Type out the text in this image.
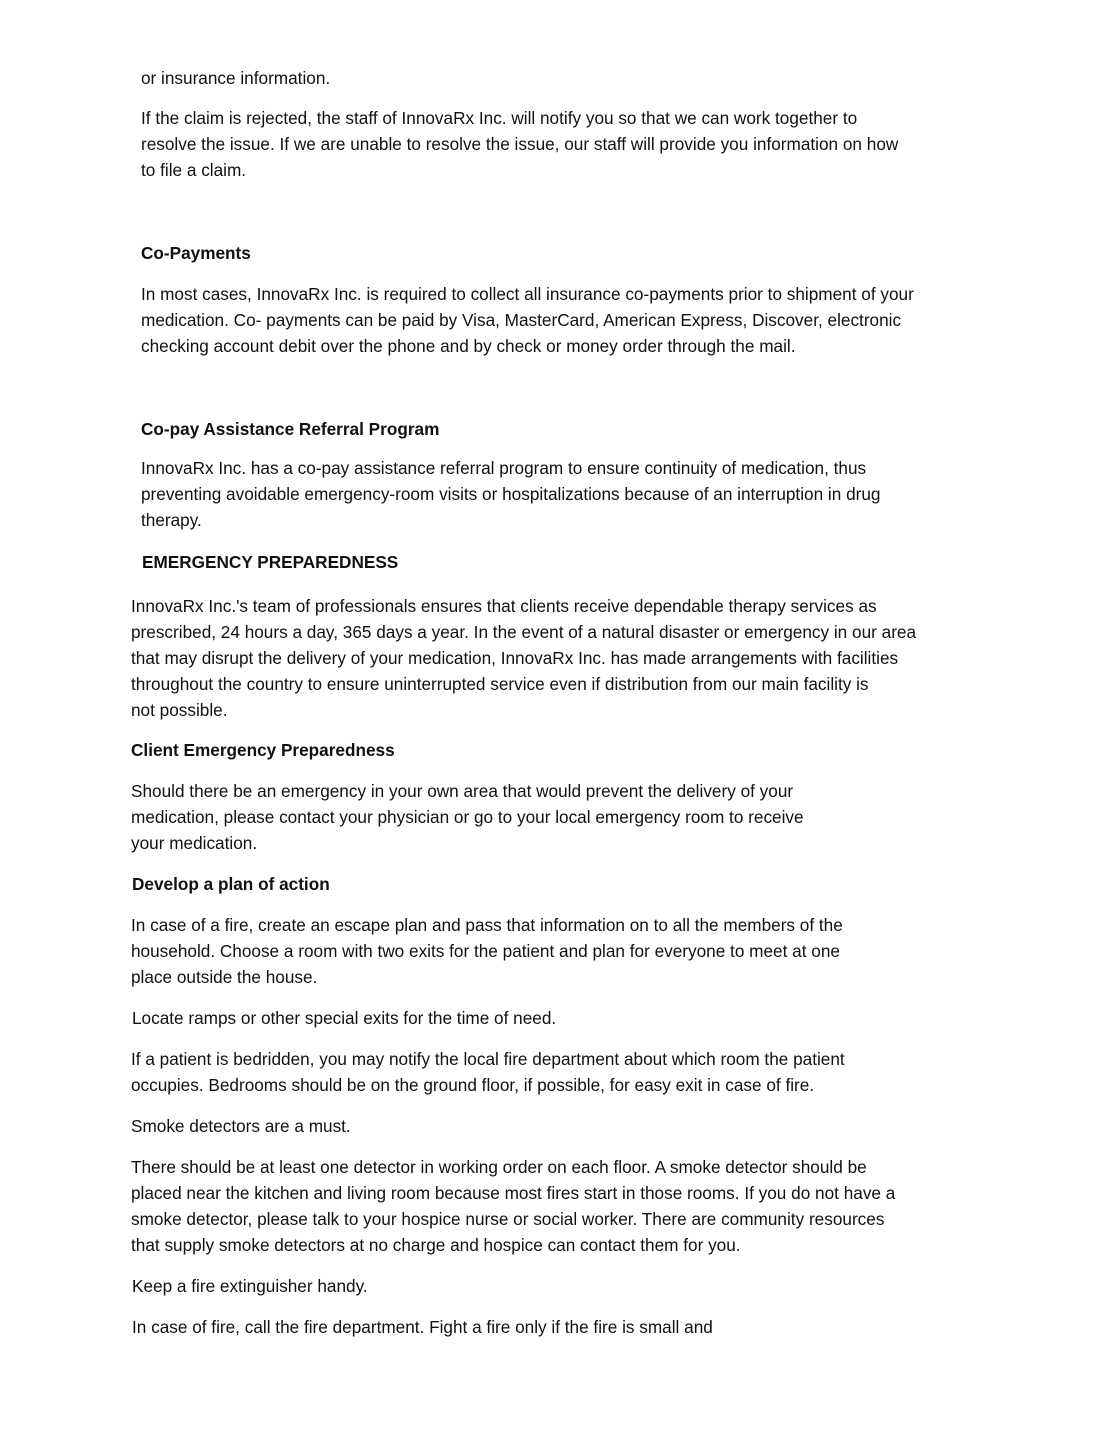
or insurance information.

If the claim is rejected, the staff of InnovaRx Inc. will notify you so that we can work together to
resolve the issue. If we are unable to resolve the issue, our staff will provide you information on how
to file a claim.

Co-Payments

In most cases, InnovaRx Inc. is required to collect all insurance co-payments prior to shipment of your
medication. Co- payments can be paid by Visa, MasterCard, American Express, Discover, electronic
checking account debit over the phone and by check or money order through the mail.

Co-pay Assistance Referral Program

InnovaRx Inc. has a co-pay assistance referral program to ensure continuity of medication, thus
preventing avoidable emergency-room visits or hospitalizations because of an interruption in drug
therapy.

EMERGENCY PREPAREDNESS

InnovaRx Inc.'s team of professionals ensures that clients receive dependable therapy services as
prescribed, 24 hours a day, 365 days a year. In the event of a natural disaster or emergency in our area
that may disrupt the delivery of your medication, InnovaRx Inc. has made arrangements with facilities
throughout the country to ensure uninterrupted service even if distribution from our main facility is
not possible.

Client Emergency Preparedness

Should there be an emergency in your own area that would prevent the delivery of your
medication, please contact your physician or go to your local emergency room to receive
your medication.

Develop a plan of action

In case of a fire, create an escape plan and pass that information on to all the members of the
household. Choose a room with two exits for the patient and plan for everyone to meet at one
place outside the house.

Locate ramps or other special exits for the time of need.

If a patient is bedridden, you may notify the local fire department about which room the patient
occupies. Bedrooms should be on the ground floor, if possible, for easy exit in case of fire.

Smoke detectors are a must.

There should be at least one detector in working order on each floor. A smoke detector should be
placed near the kitchen and living room because most fires start in those rooms. If you do not have a
smoke detector, please talk to your hospice nurse or social worker. There are community resources
that supply smoke detectors at no charge and hospice can contact them for you.

Keep a fire extinguisher handy.

In case of fire, call the fire department. Fight a fire only if the fire is small and
